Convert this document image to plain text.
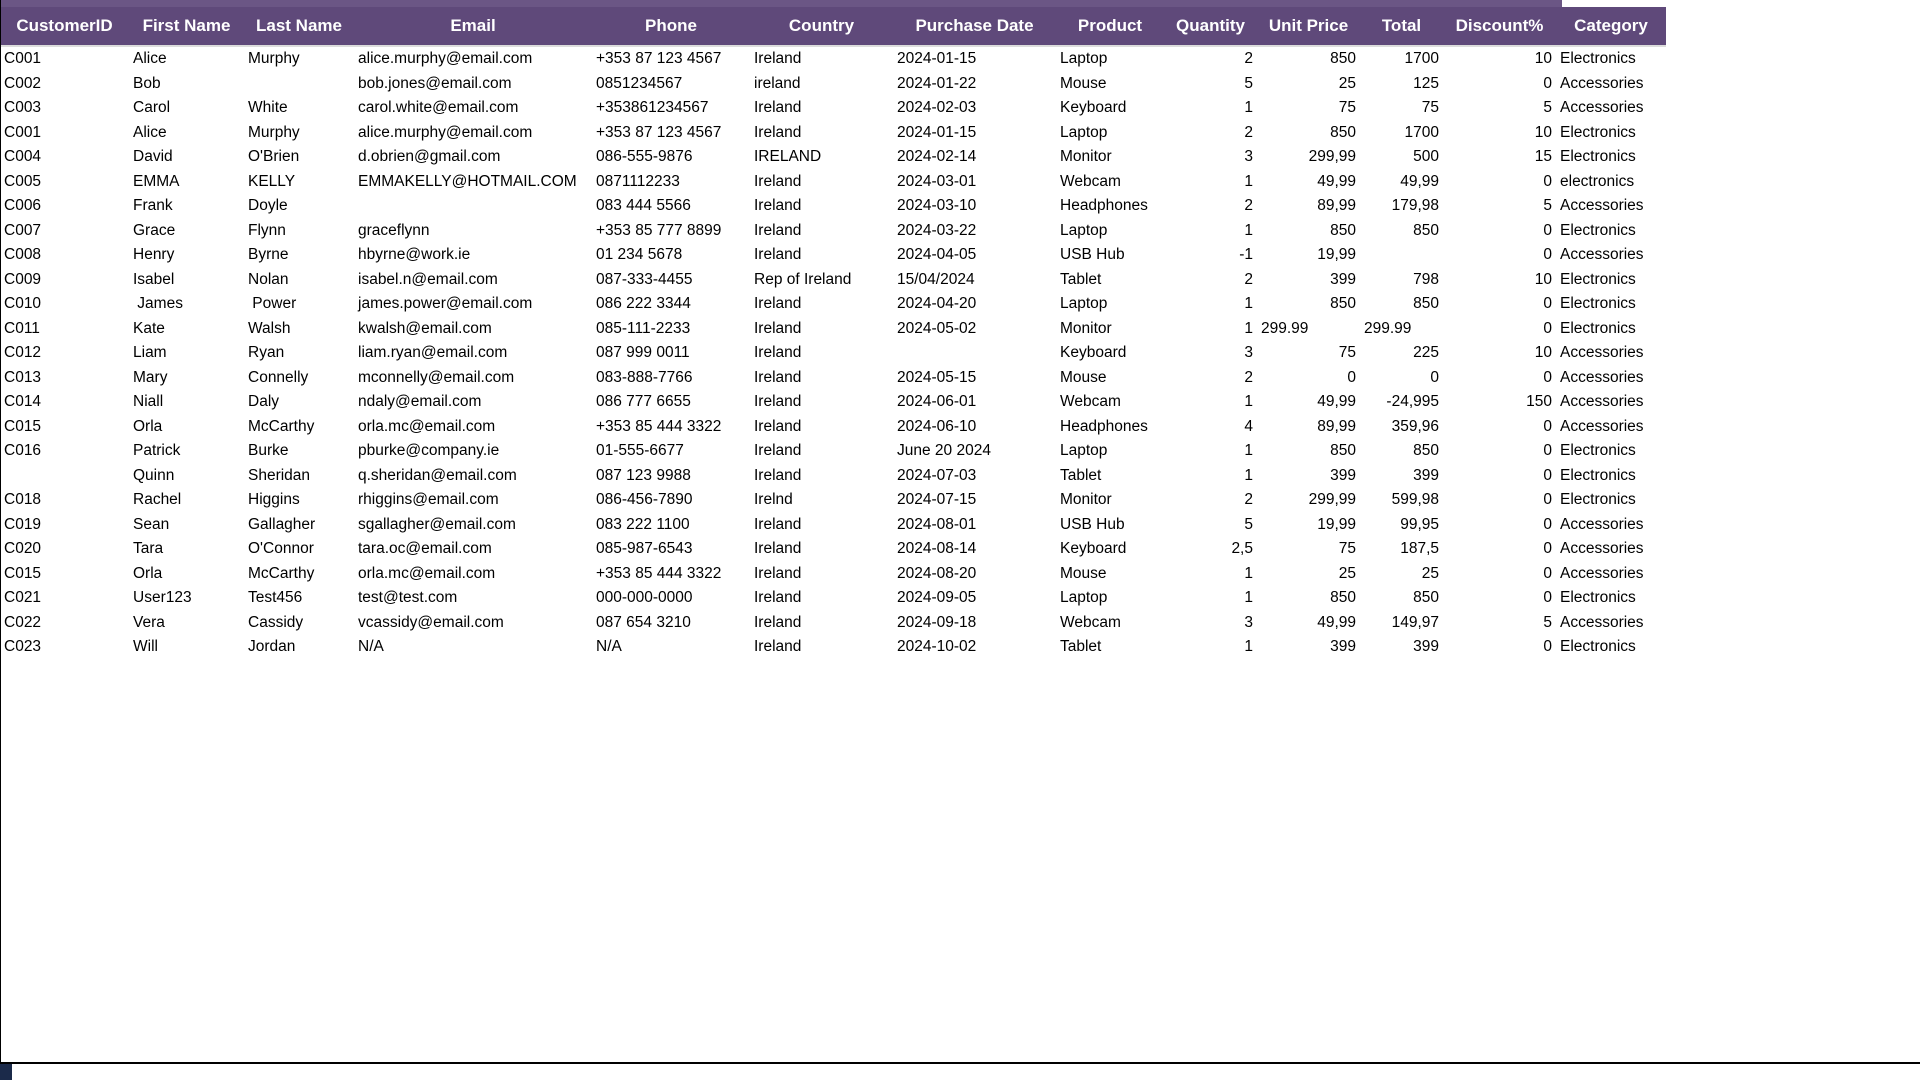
CustomerID	First Name	Last Name	Email	Phone	Country	Purchase Date	Product	Quantity	Unit Price	Total	Discount%	Category
C001	Alice	Murphy	alice.murphy@email.com	+353 87 123 4567	Ireland	2024-01-15	Laptop	2	850	1700	10	Electronics
C002	Bob		bob.jones@email.com	0851234567	ireland	2024-01-22	Mouse	5	25	125	0	Accessories
C003	Carol	White	carol.white@email.com	+353861234567	Ireland	2024-02-03	Keyboard	1	75	75	5	Accessories
C001	Alice	Murphy	alice.murphy@email.com	+353 87 123 4567	Ireland	2024-01-15	Laptop	2	850	1700	10	Electronics
C004	David	O'Brien	d.obrien@gmail.com	086-555-9876	IRELAND	2024-02-14	Monitor	3	299,99	500	15	Electronics
C005	EMMA	KELLY	EMMAKELLY@HOTMAIL.COM	0871112233	Ireland	2024-03-01	Webcam	1	49,99	49,99	0	electronics
C006	Frank	Doyle		083 444 5566	Ireland	2024-03-10	Headphones	2	89,99	179,98	5	Accessories
C007	Grace	Flynn	graceflynn	+353 85 777 8899	Ireland	2024-03-22	Laptop	1	850	850	0	Electronics
C008	Henry	Byrne	hbyrne@work.ie	01 234 5678	Ireland	2024-04-05	USB Hub	-1	19,99		0	Accessories
C009	Isabel	Nolan	isabel.n@email.com	087-333-4455	Rep of Ireland	15/04/2024	Tablet	2	399	798	10	Electronics
C010	James	Power	james.power@email.com	086 222 3344	Ireland	2024-04-20	Laptop	1	850	850	0	Electronics
C011	Kate	Walsh	kwalsh@email.com	085-111-2233	Ireland	2024-05-02	Monitor	1	299.99	299.99	0	Electronics
C012	Liam	Ryan	liam.ryan@email.com	087 999 0011	Ireland		Keyboard	3	75	225	10	Accessories
C013	Mary	Connelly	mconnelly@email.com	083-888-7766	Ireland	2024-05-15	Mouse	2	0	0	0	Accessories
C014	Niall	Daly	ndaly@email.com	086 777 6655	Ireland	2024-06-01	Webcam	1	49,99	-24,995	150	Accessories
C015	Orla	McCarthy	orla.mc@email.com	+353 85 444 3322	Ireland	2024-06-10	Headphones	4	89,99	359,96	0	Accessories
C016	Patrick	Burke	pburke@company.ie	01-555-6677	Ireland	June 20 2024	Laptop	1	850	850	0	Electronics
	Quinn	Sheridan	q.sheridan@email.com	087 123 9988	Ireland	2024-07-03	Tablet	1	399	399	0	Electronics
C018	Rachel	Higgins	rhiggins@email.com	086-456-7890	Irelnd	2024-07-15	Monitor	2	299,99	599,98	0	Electronics
C019	Sean	Gallagher	sgallagher@email.com	083 222 1100	Ireland	2024-08-01	USB Hub	5	19,99	99,95	0	Accessories
C020	Tara	O'Connor	tara.oc@email.com	085-987-6543	Ireland	2024-08-14	Keyboard	2,5	75	187,5	0	Accessories
C015	Orla	McCarthy	orla.mc@email.com	+353 85 444 3322	Ireland	2024-08-20	Mouse	1	25	25	0	Accessories
C021	User123	Test456	test@test.com	000-000-0000	Ireland	2024-09-05	Laptop	1	850	850	0	Electronics
C022	Vera	Cassidy	vcassidy@email.com	087 654 3210	Ireland	2024-09-18	Webcam	3	49,99	149,97	5	Accessories
C023	Will	Jordan	N/A	N/A	Ireland	2024-10-02	Tablet	1	399	399	0	Electronics
